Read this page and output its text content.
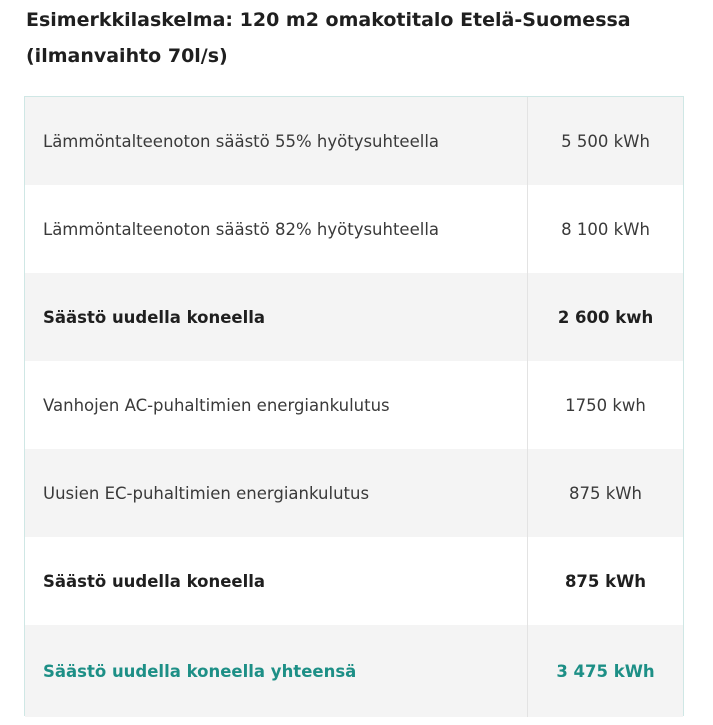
Esimerkkilaskelma: 120 m2 omakotitalo Etelä-Suomessa (ilmanvaihto 70l/s)
Lämmöntalteenoton säästö 55% hyötysuhteella	5 500 kWh
Lämmöntalteenoton säästö 82% hyötysuhteella	8 100 kWh
Säästö uudella koneella	2 600 kwh
Vanhojen AC-puhaltimien energiankulutus	1750 kwh
Uusien EC-puhaltimien energiankulutus	875 kWh
Säästö uudella koneella	875 kWh
Säästö uudella koneella yhteensä	3 475 kWh
